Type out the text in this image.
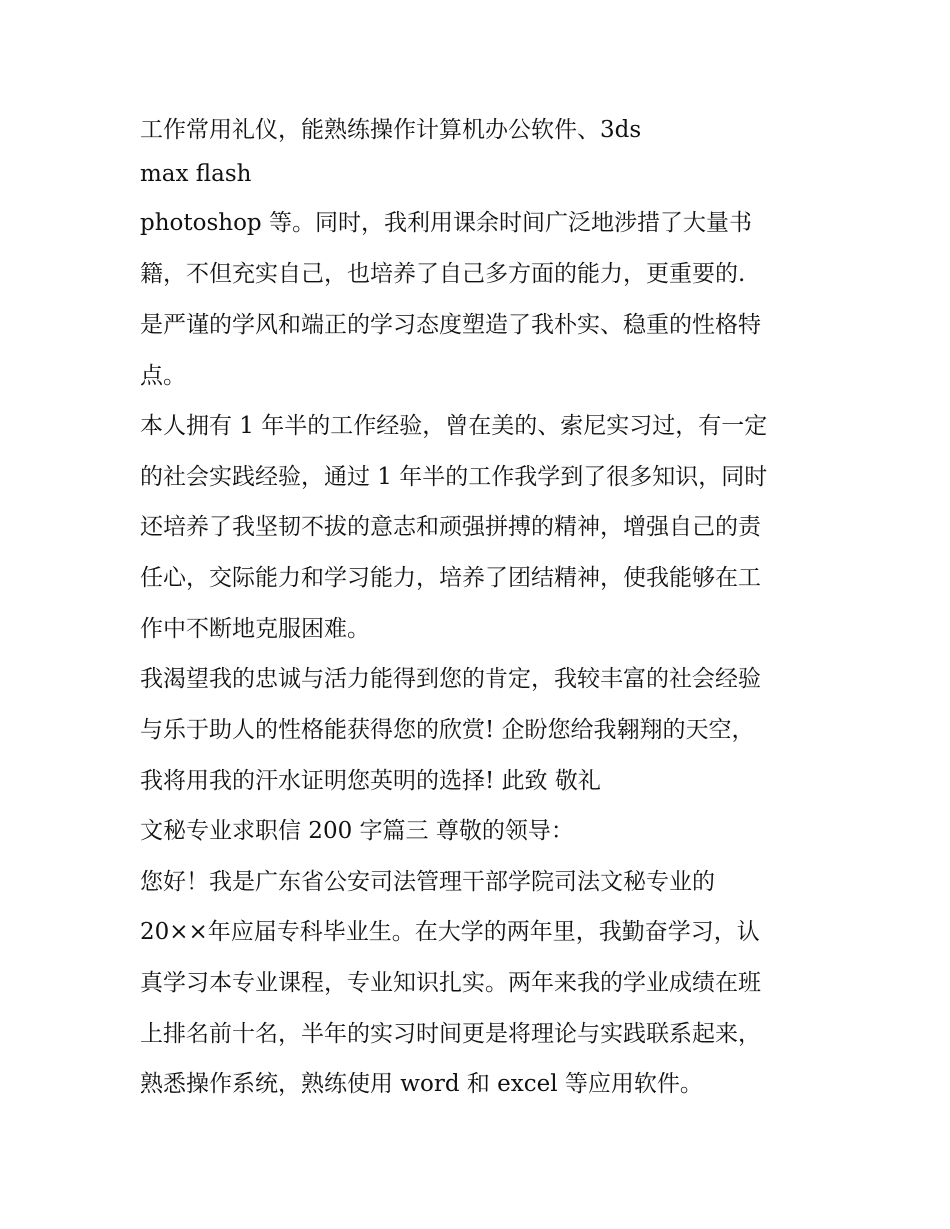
工作常用礼仪，能熟练操作计算机办公软件、3ds

max flash

photoshop 等。同时，我利用课余时间广泛地涉措了大量书

籍，不但充实自己，也培养了自己多方面的能力，更重要的.

是严谨的学风和端正的学习态度塑造了我朴实、稳重的性格特

点。

本人拥有 1 年半的工作经验，曾在美的、索尼实习过，有一定

的社会实践经验，通过 1 年半的工作我学到了很多知识，同时

还培养了我坚韧不拔的意志和顽强拼搏的精神，增强自己的责

任心，交际能力和学习能力，培养了团结精神，使我能够在工

作中不断地克服困难。

我渴望我的忠诚与活力能得到您的肯定，我较丰富的社会经验

与乐于助人的性格能获得您的欣赏! 企盼您给我翱翔的天空，

我将用我的汗水证明您英明的选择! 此致 敬礼

文秘专业求职信 200 字篇三 尊敬的领导：

您好！我是广东省公安司法管理干部学院司法文秘专业的

20××年应届专科毕业生。在大学的两年里，我勤奋学习，认

真学习本专业课程，专业知识扎实。两年来我的学业成绩在班

上排名前十名，半年的实习时间更是将理论与实践联系起来，

熟悉操作系统，熟练使用 word 和 excel 等应用软件。
